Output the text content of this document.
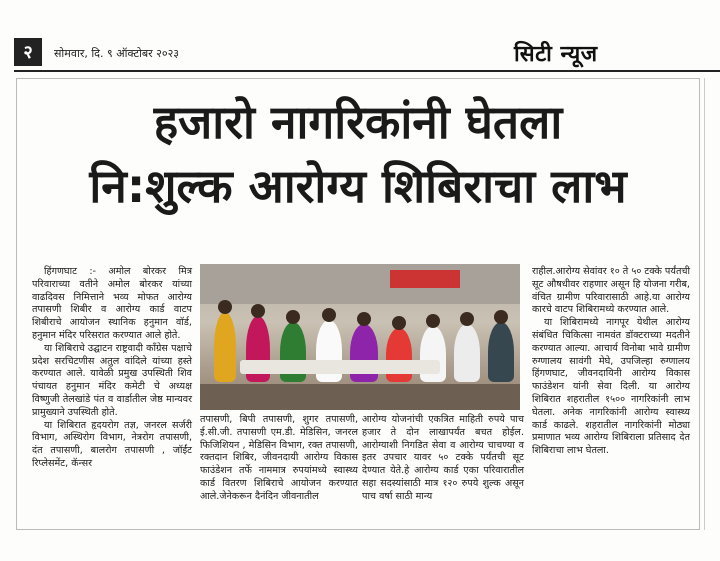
२	सोमवार, दि. ९ ऑक्टोबर २०२३	सिटी न्यूज
हजारो नागरिकांनी घेतला
नि:शुल्क आरोग्य शिबिराचा लाभ

हिंगणघाट :- अमोल बोरकर मित्र परिवाराच्या वतीने अमोल बोरकर यांच्या वाढदिवस निमित्ताने भव्य मोफत आरोग्य तपासणी शिबीर व आरोग्य कार्ड वाटप शिबीराचे आयोजन स्थानिक हनुमान वॉर्ड, हनुमान मंदिर परिसरात करण्यात आले होते.

या शिबिराचे उद्घाटन राष्ट्रवादी कॉंग्रेस पक्षाचे प्रदेश सरचिटणीस अतुल वांदिले यांच्या हस्ते करण्यात आले. यावेळी प्रमुख उपस्थिती शिव पंचायत हनुमान मंदिर कमेटी चे अध्यक्ष विष्णुजी तेलखांडे पंत व वार्डातील जेष्ठ मान्यवर प्रामुख्याने उपस्थिती होते.

या शिबिरात हृदयरोग तज्ञ, जनरल सर्जरी विभाग, अस्थिरोग विभाग, नेत्ररोग तपासणी, दंत तपासणी, बालरोग तपासणी , जॉईंट रिप्लेसमेंट, कॅन्सर

तपासणी, बिपी तपासणी, शुगर तपासणी, ई.सी.जी. तपासणी एम.डी. मेडिसिन, जनरल फिजिशियन , मेडिसिन विभाग, रक्त तपासणी, रक्तदान शिबिर, जीवनदायी आरोग्य विकास फाउंडेशन तर्फे नाममात्र रुपयांमध्ये स्वास्थ्य कार्ड वितरण शिबिराचे आयोजन करण्यात आले.जेनेकरून दैनंदिन जीवनातील

आरोग्य योजनांची एकत्रित माहिती रुपये पाच हजार ते दोन लाखापर्यंत बचत होईल. आरोग्याशी निगडित सेवा व आरोग्य चाचण्या व इतर उपचार यावर ५० टक्के पर्यंतची सूट देण्यात येते.हे आरोग्य कार्ड एका परिवारातील सहा सदस्यांसाठी मात्र १२० रुपये शुल्क असून पाच वर्षा साठी मान्य

राहील.आरोग्य सेवांवर १० ते ५० टक्के पर्यंतची सूट औषधीवर राहणार असून हि योजना गरीब, वंचित ग्रामीण परिवारासाठी आहे.या आरोग्य कारचे वाटप शिबिरामध्ये करण्यात आले.

या शिबिरामध्ये नागपूर येथील आरोग्य संबंधित चिकित्सा नामवंत डॉक्टराच्या मदतीने करण्यात आल्या. आचार्य विनोबा भावे ग्रामीण रुग्णालय सावंगी मेघे, उपजिल्हा रुग्णालय हिंगणघाट, जीवनदायिनी आरोग्य विकास फाउंडेशन यांनी सेवा दिली. या आरोग्य शिबिरात शहरातील १५०० नागरिकांनी लाभ घेतला. अनेक नागरिकांनी आरोग्य स्वास्थ्य कार्ड काढले. शहरातील नागरिकांनी मोठ्या प्रमाणात भव्य आरोग्य शिबिराला प्रतिसाद देत शिबिराचा लाभ घेतला.
